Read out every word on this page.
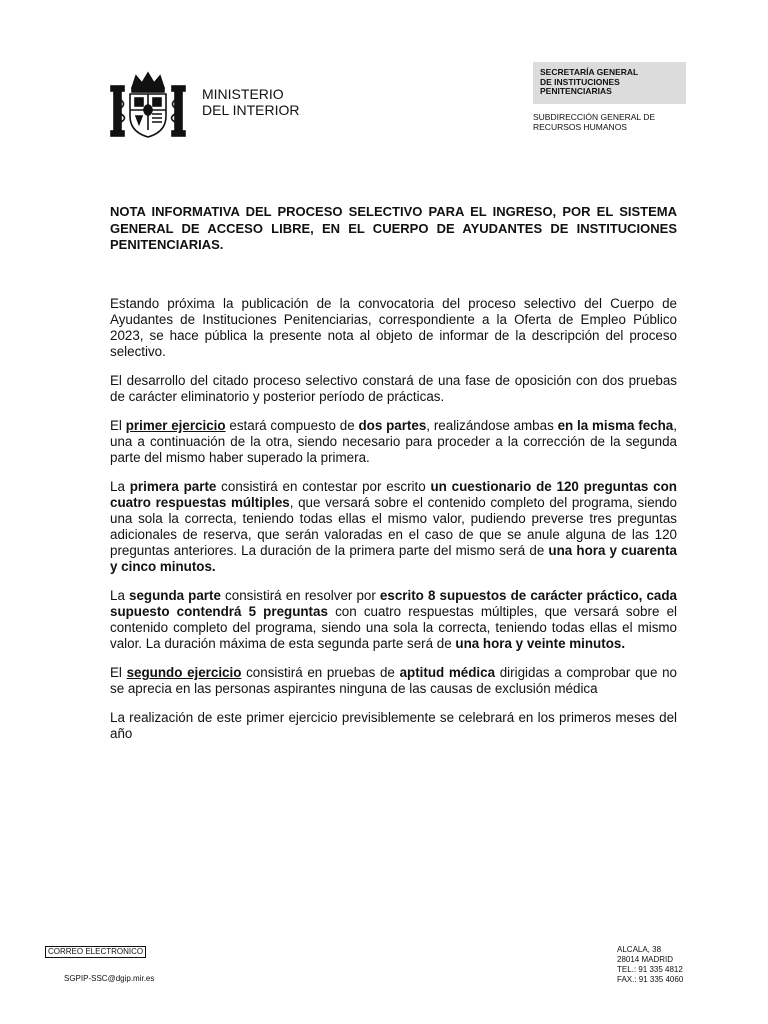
MINISTERIO
DEL INTERIOR
SECRETARÍA GENERAL
DE INSTITUCIONES
PENITENCIARIAS
SUBDIRECCIÓN GENERAL DE
RECURSOS HUMANOS
NOTA INFORMATIVA DEL PROCESO SELECTIVO PARA EL INGRESO, POR EL SISTEMA GENERAL DE ACCESO LIBRE, EN EL CUERPO DE AYUDANTES DE INSTITUCIONES PENITENCIARIAS.

Estando próxima la publicación de la convocatoria del proceso selectivo del Cuerpo de Ayudantes de Instituciones Penitenciarias, correspondiente a la Oferta de Empleo Público 2023, se hace pública la presente nota al objeto de informar de la descripción del proceso selectivo.

El desarrollo del citado proceso selectivo constará de una fase de oposición con dos pruebas de carácter eliminatorio y posterior período de prácticas.

El primer ejercicio estará compuesto de dos partes, realizándose ambas en la misma fecha, una a continuación de la otra, siendo necesario para proceder a la corrección de la segunda parte del mismo haber superado la primera.

La primera parte consistirá en contestar por escrito un cuestionario de 120 preguntas con cuatro respuestas múltiples, que versará sobre el contenido completo del programa, siendo una sola la correcta, teniendo todas ellas el mismo valor, pudiendo preverse tres preguntas adicionales de reserva, que serán valoradas en el caso de que se anule alguna de las 120 preguntas anteriores. La duración de la primera parte del mismo será de una hora y cuarenta y cinco minutos.

La segunda parte consistirá en resolver por escrito 8 supuestos de carácter práctico, cada supuesto contendrá 5 preguntas con cuatro respuestas múltiples, que versará sobre el contenido completo del programa, siendo una sola la correcta, teniendo todas ellas el mismo valor. La duración máxima de esta segunda parte será de una hora y veinte minutos.

El segundo ejercicio consistirá en pruebas de aptitud médica dirigidas a comprobar que no se aprecia en las personas aspirantes ninguna de las causas de exclusión médica

La realización de este primer ejercicio previsiblemente se celebrará en los primeros meses del año

CORREO ELECTRONICO
SGPIP-SSC@dgip.mir.es
ALCALA, 38
28014 MADRID
TEL.: 91 335 4812
FAX.: 91 335 4060
